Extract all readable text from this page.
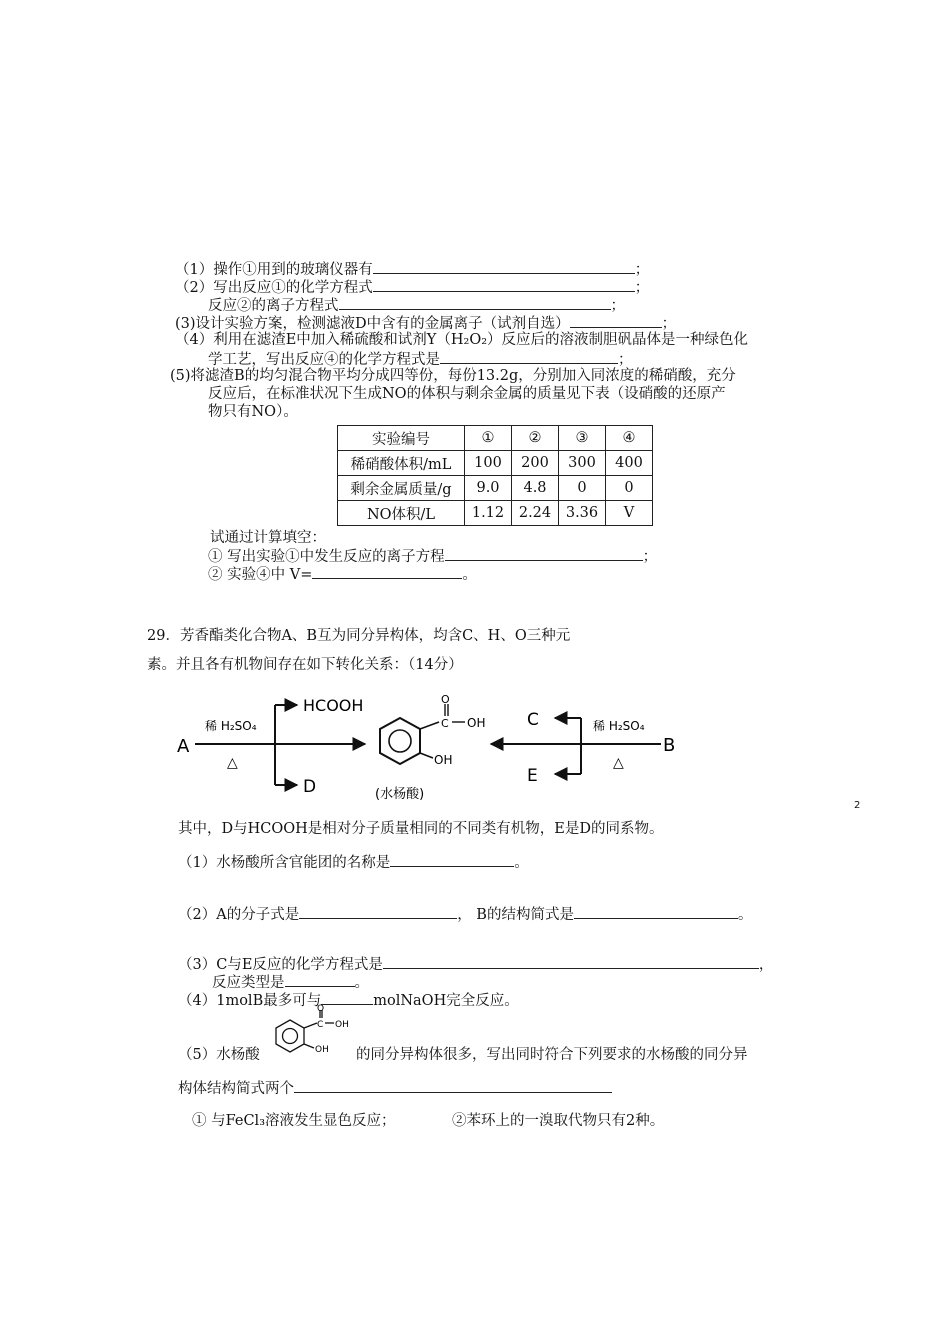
（1）操作①用到的玻璃仪器有	；
（2）写出反应①的化学方程式	；
反应②的离子方程式	；
(3)设计实验方案，检测滤液D中含有的金属离子（试剂自选）	；
（4）利用在滤渣E中加入稀硫酸和试剂Y（H₂O₂）反应后的溶液制胆矾晶体是一种绿色化
学工艺，写出反应④的化学方程式是	；
(5)将滤渣B的均匀混合物平均分成四等份，每份13.2g，分别加入同浓度的稀硝酸，充分
反应后，在标准状况下生成NO的体积与剩余金属的质量见下表（设硝酸的还原产
物只有NO）。
实验编号	①	②	③	④
稀硝酸体积/mL	100	200	300	400
剩余金属质量/g	9.0	4.8	0	0
NO体积/L	1.12	2.24	3.36	V
试通过计算填空：
① 写出实验①中发生反应的离子方程	；
② 实验④中 V=	。
29．芳香酯类化合物A、B互为同分异构体，均含C、H、O三种元
素。并且各有机物间存在如下转化关系：（14分）
A
稀 H₂SO₄
△
HCOOH
D
O
C OH
OH
(水杨酸)
C
E
稀 H₂SO₄
△
B
2
其中，D与HCOOH是相对分子质量相同的不同类有机物，E是D的同系物。
（1）水杨酸所含官能团的名称是	。
（2）A的分子式是	， B的结构简式是	。
（3）C与E反应的化学方程式是	，
反应类型是	。
（4）1molB最多可与	molNaOH完全反应。
（5）水杨酸
O
C OH
OH 的同分异构体很多，写出同时符合下列要求的水杨酸的同分异
构体结构简式两个
① 与FeCl₃溶液发生显色反应；	②苯环上的一溴取代物只有2种。
